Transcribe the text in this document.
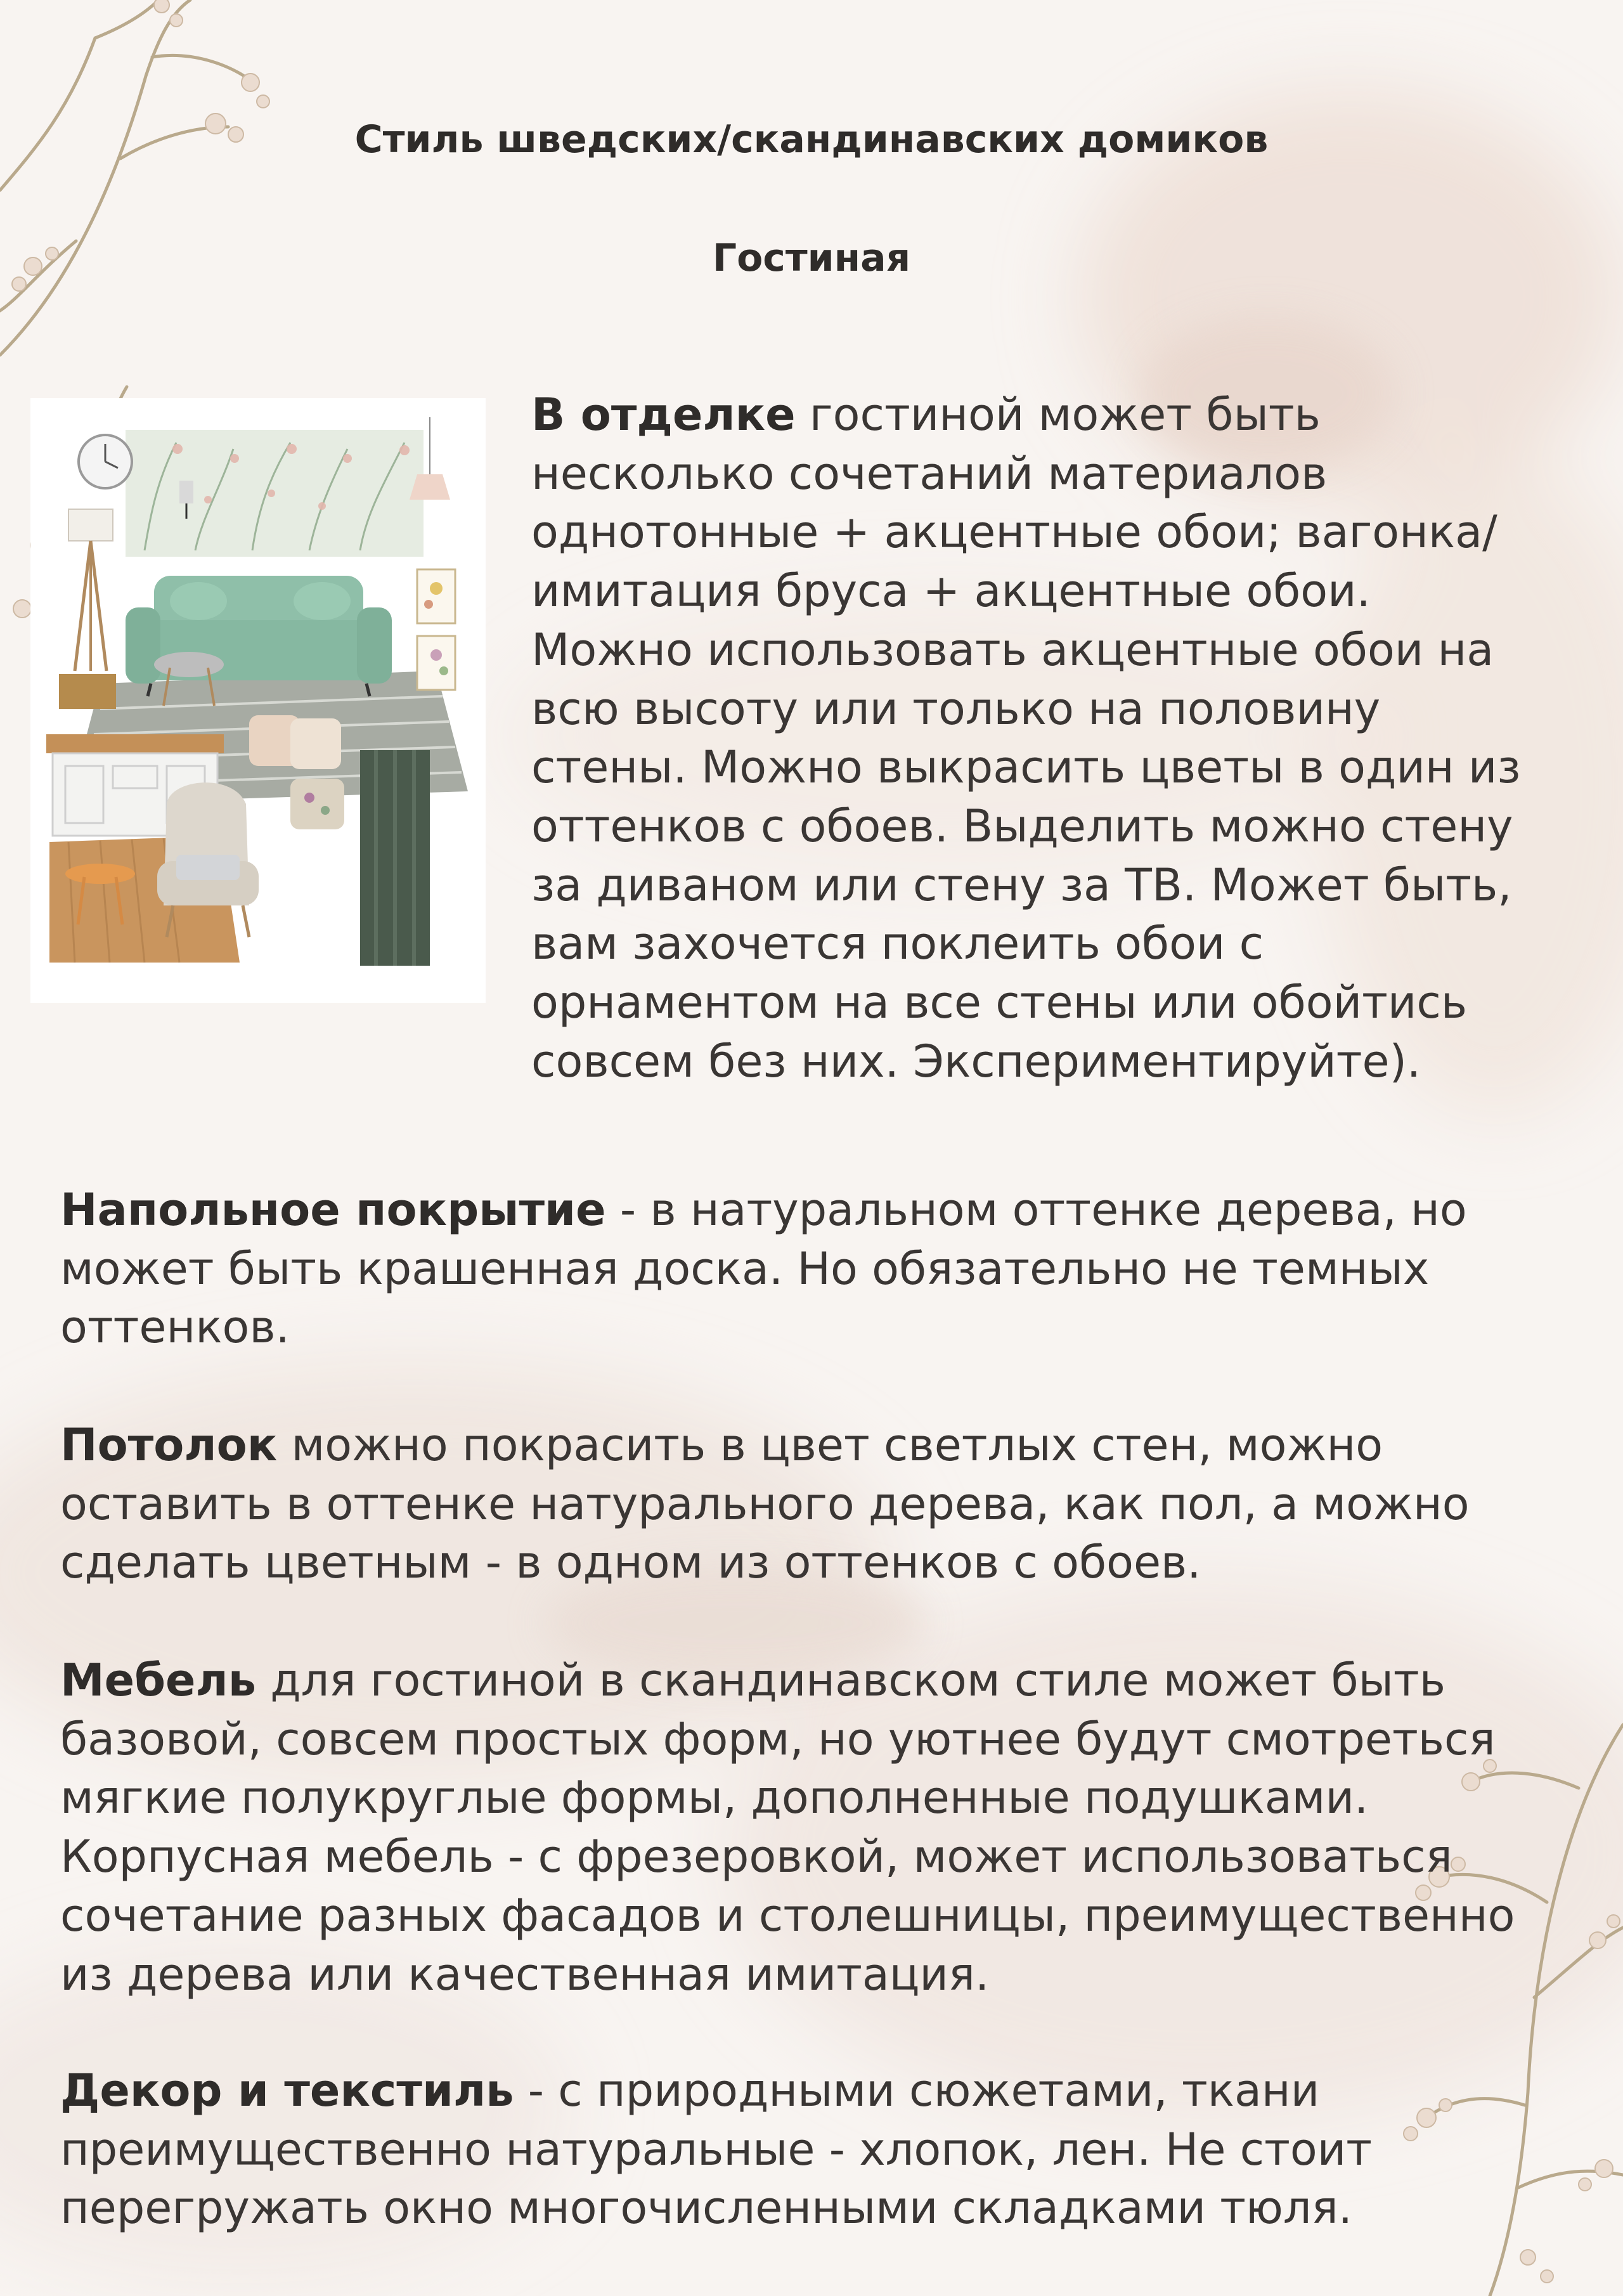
Стиль шведских/скандинавских домиков
Гостиная

В отделке гостиной может быть несколько сочетаний материалов однотонные + акцентные обои; вагонка/имитация бруса + акцентные обои. Можно использовать акцентные обои на всю высоту или только на половину стены. Можно выкрасить цветы в один из оттенков с обоев. Выделить можно стену за диваном или стену за ТВ. Может быть, вам захочется поклеить обои с орнаментом на все стены или обойтись совсем без них. Экспериментируйте).

Напольное покрытие - в натуральном оттенке дерева, но может быть крашенная доска. Но обязательно не темных оттенков.

Потолок можно покрасить в цвет светлых стен, можно оставить в оттенке натурального дерева, как пол, а можно сделать цветным - в одном из оттенков с обоев.

Мебель для гостиной в скандинавском стиле может быть базовой, совсем простых форм, но уютнее будут смотреться мягкие полукруглые формы, дополненные подушками. Корпусная мебель - с фрезеровкой, может использоваться сочетание разных фасадов и столешницы, преимущественно из дерева или качественная имитация.

Декор и текстиль - с природными сюжетами, ткани преимущественно натуральные - хлопок, лен. Не стоит перегружать окно многочисленными складками тюля.
